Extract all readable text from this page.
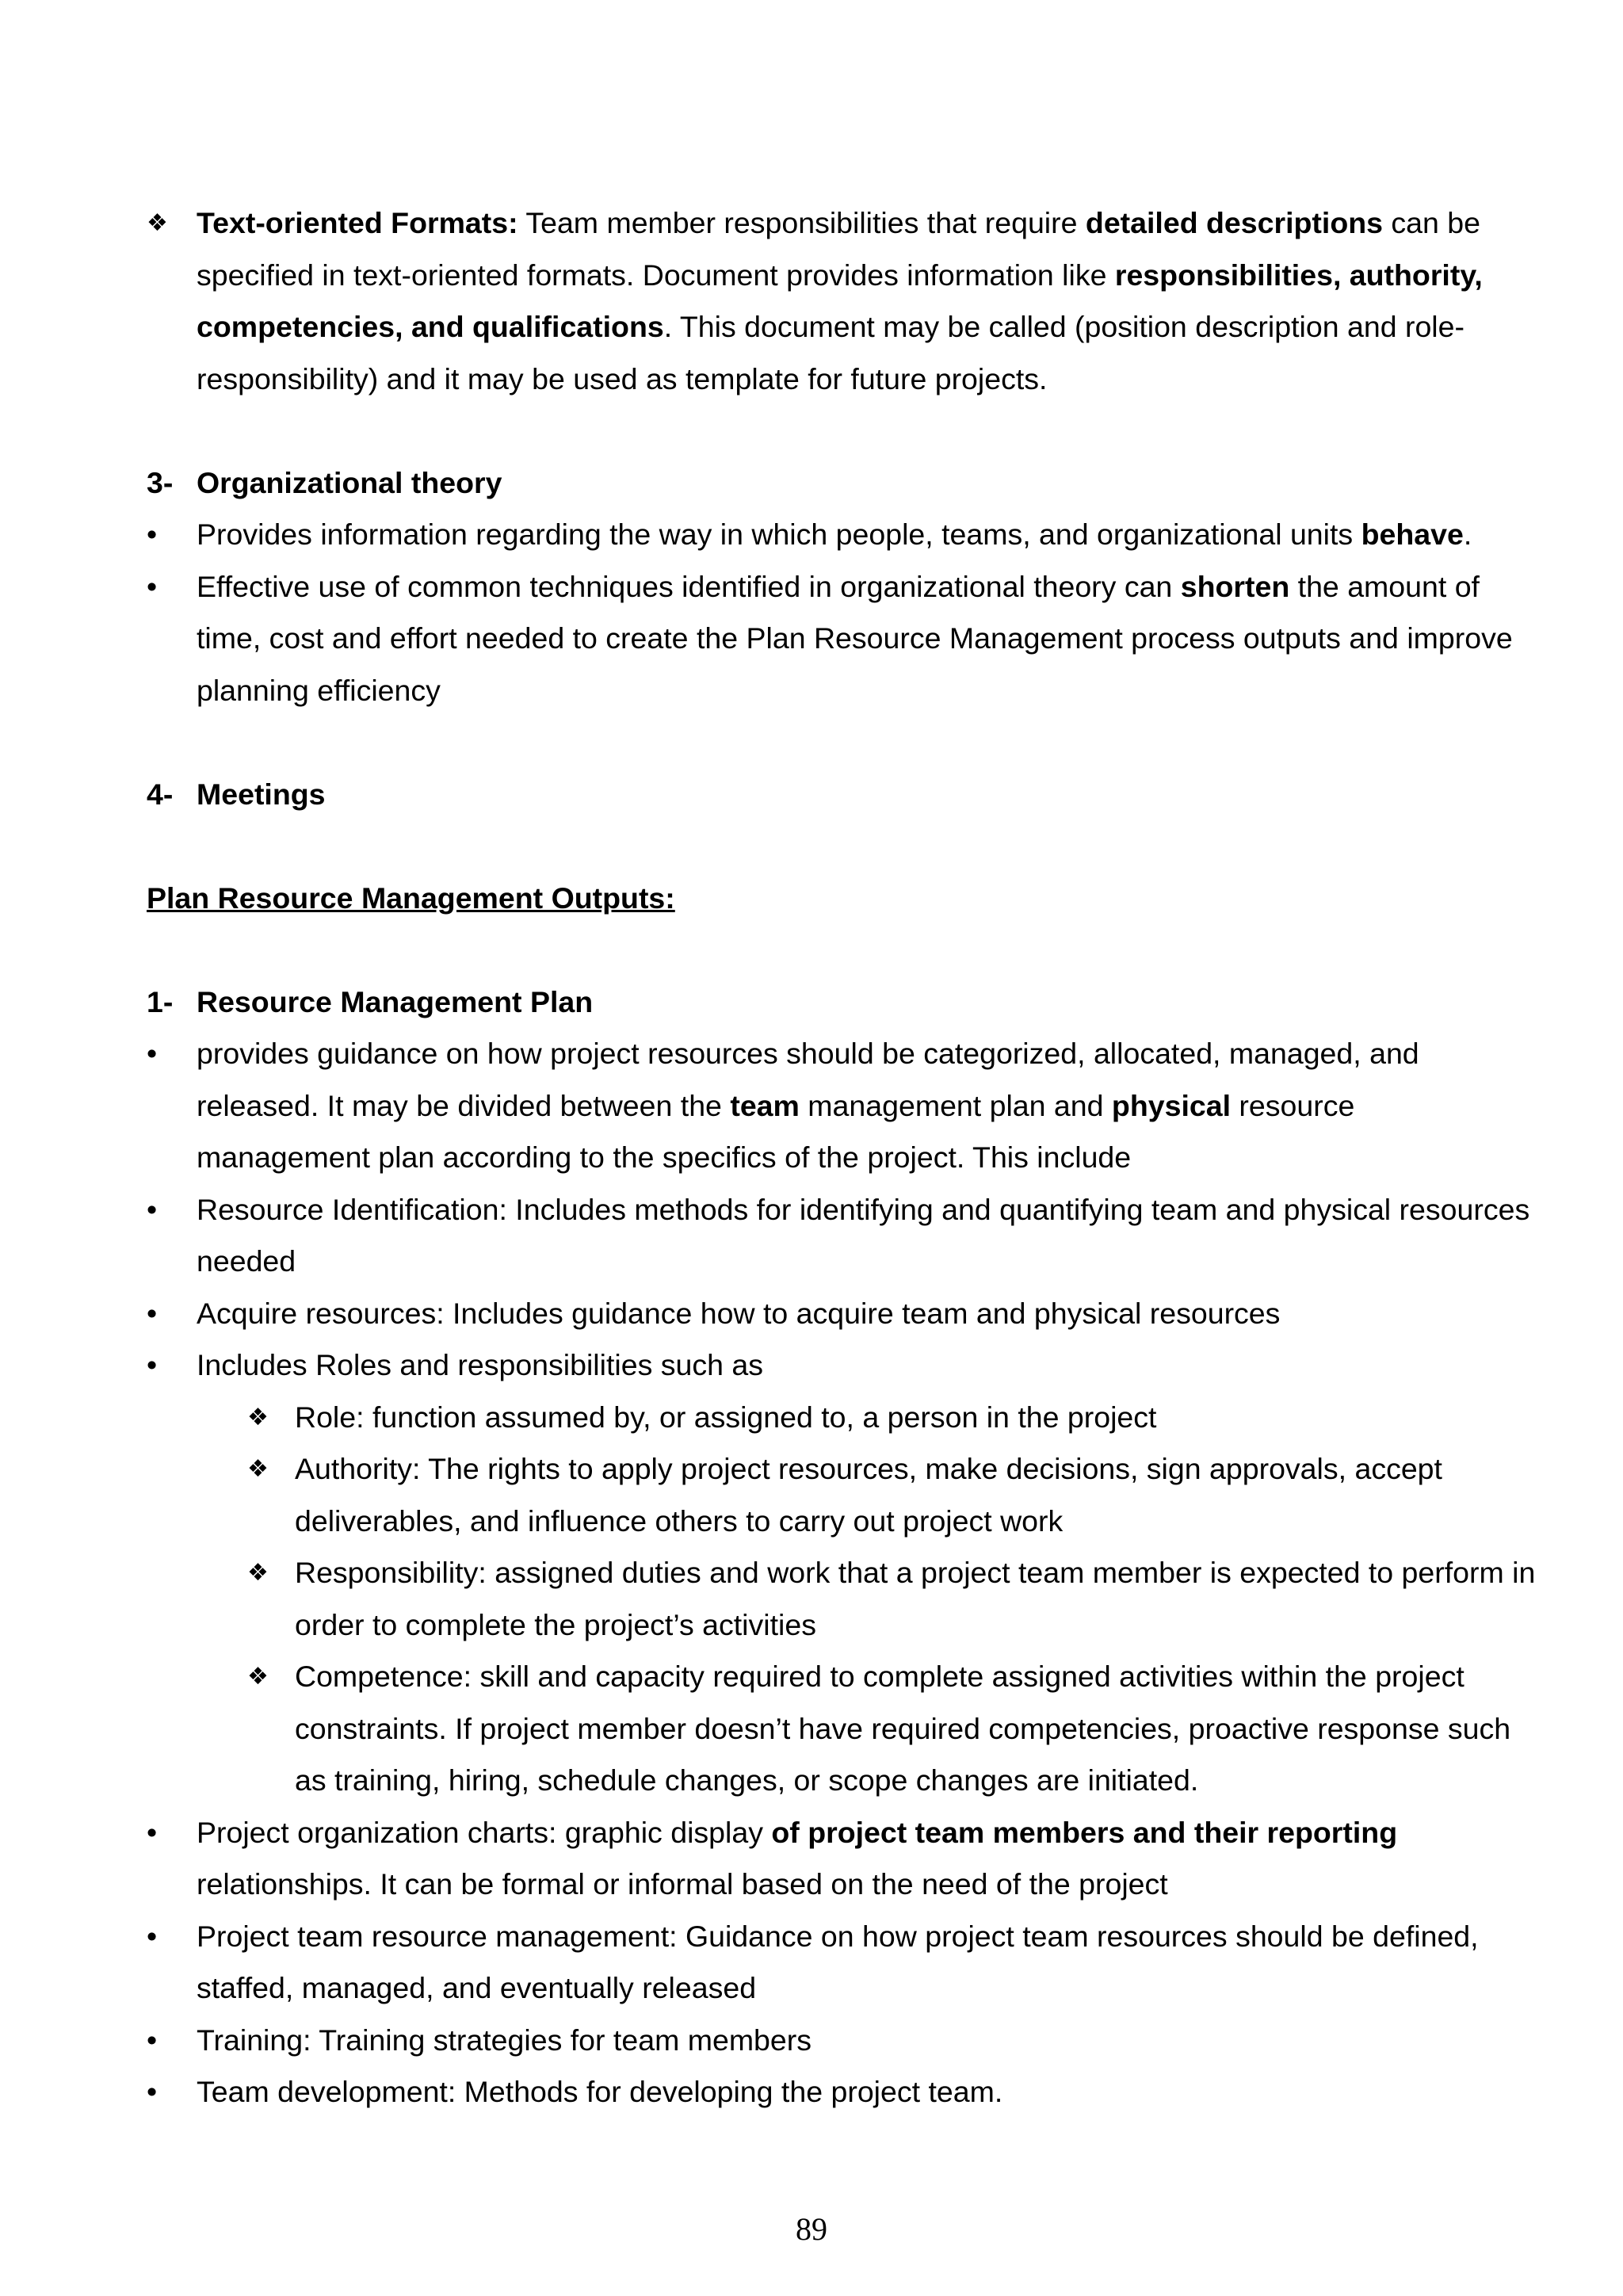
❖ Text-oriented Formats: Team member responsibilities that require detailed descriptions can be specified in text-oriented formats. Document provides information like responsibilities, authority, competencies, and qualifications. This document may be called (position description and role-responsibility) and it may be used as template for future projects.

3- Organizational theory

• Provides information regarding the way in which people, teams, and organizational units behave.

• Effective use of common techniques identified in organizational theory can shorten the amount of time, cost and effort needed to create the Plan Resource Management process outputs and improve planning efficiency

4- Meetings

Plan Resource Management Outputs:

1- Resource Management Plan

• provides guidance on how project resources should be categorized, allocated, managed, and released. It may be divided between the team management plan and physical resource management plan according to the specifics of the project. This include

• Resource Identification: Includes methods for identifying and quantifying team and physical resources needed

• Acquire resources: Includes guidance how to acquire team and physical resources

• Includes Roles and responsibilities such as

❖ Role: function assumed by, or assigned to, a person in the project

❖ Authority: The rights to apply project resources, make decisions, sign approvals, accept deliverables, and influence others to carry out project work

❖ Responsibility: assigned duties and work that a project team member is expected to perform in order to complete the project’s activities

❖ Competence: skill and capacity required to complete assigned activities within the project constraints. If project member doesn’t have required competencies, proactive response such as training, hiring, schedule changes, or scope changes are initiated.

• Project organization charts: graphic display of project team members and their reporting relationships. It can be formal or informal based on the need of the project

• Project team resource management: Guidance on how project team resources should be defined, staffed, managed, and eventually released

• Training: Training strategies for team members

• Team development: Methods for developing the project team.

89
